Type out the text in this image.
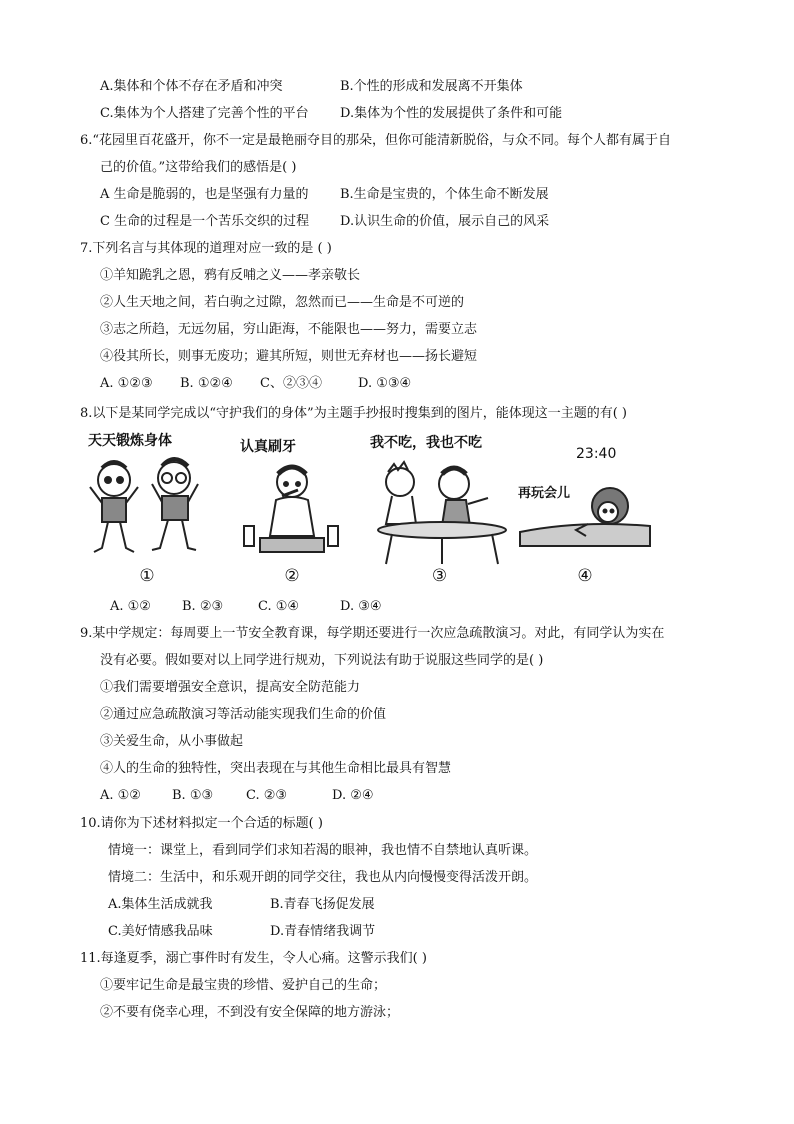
A.集体和个体不存在矛盾和冲突	B.个性的形成和发展离不开集体
C.集体为个人搭建了完善个性的平台 D.集体为个性的发展提供了条件和可能
6.“花园里百花盛开，你不一定是最艳丽夺目的那朵，但你可能清新脱俗，与众不同。每个人都有属于自
己的价值。”这带给我们的感悟是( )
A 生命是脆弱的，也是坚强有力量的 B.生命是宝贵的，个体生命不断发展
C 生命的过程是一个苦乐交织的过程 D.认识生命的价值，展示自己的风采
7.下列名言与其体现的道理对应一致的是 ( )
①羊知跪乳之恩，鸦有反哺之义——孝亲敬长
②人生天地之间，若白驹之过隙，忽然而已——生命是不可逆的
③志之所趋，无远勿届，穷山距海，不能限也——努力，需要立志
④役其所长，则事无废功；避其所短，则世无弃材也——扬长避短
A. ①②③ B. ①②④ C、②③④	D. ①③④
8.以下是某同学完成以“守护我们的身体”为主题手抄报时搜集到的图片，能体现这一主题的有( )
天天锻炼身体
①
认真刷牙
②
我不吃，我也不吃
③
23:40
再玩会儿
④
A. ①② B. ②③	C. ①④	D. ③④
9.某中学规定：每周要上一节安全教育课，每学期还要进行一次应急疏散演习。对此，有同学认为实在
没有必要。假如要对以上同学进行规劝，下列说法有助于说服这些同学的是( )
①我们需要增强安全意识，提高安全防范能力
②通过应急疏散演习等活动能实现我们生命的价值
③关爱生命，从小事做起
④人的生命的独特性，突出表现在与其他生命相比最具有智慧
A. ①② B. ①③	C. ②③	D. ②④
10.请你为下述材料拟定一个合适的标题( )
情境一：课堂上，看到同学们求知若渴的眼神，我也情不自禁地认真听课。
情境二：生活中，和乐观开朗的同学交往，我也从内向慢慢变得活泼开朗。
A.集体生活成就我	B.青春飞扬促发展
C.美好情感我品味	D.青春情绪我调节
11.每逢夏季，溺亡事件时有发生，令人心痛。这警示我们( )
①要牢记生命是最宝贵的珍惜、爱护自己的生命；
②不要有侥幸心理，不到没有安全保障的地方游泳；
